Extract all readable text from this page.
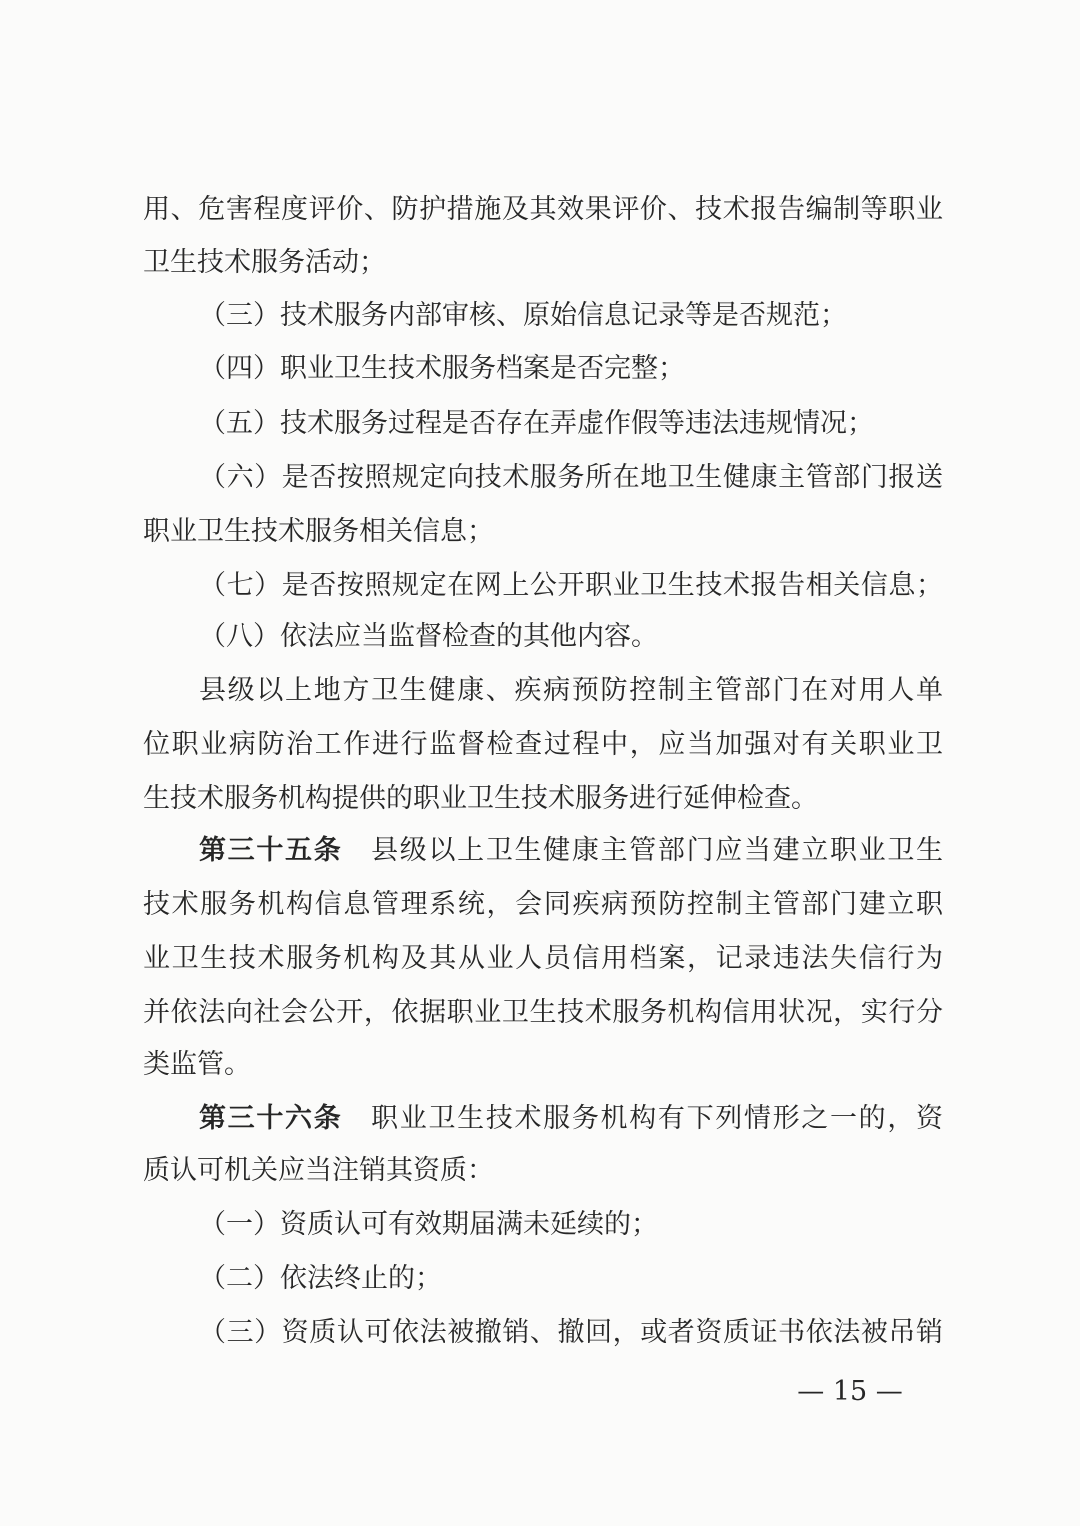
用、危害程度评价、防护措施及其效果评价、技术报告编制等职业
卫生技术服务活动；
（三）技术服务内部审核、原始信息记录等是否规范；
（四）职业卫生技术服务档案是否完整；
（五）技术服务过程是否存在弄虚作假等违法违规情况；
（六）是否按照规定向技术服务所在地卫生健康主管部门报送
职业卫生技术服务相关信息；
（七）是否按照规定在网上公开职业卫生技术报告相关信息；
（八）依法应当监督检查的其他内容。
县级以上地方卫生健康、疾病预防控制主管部门在对用人单
位职业病防治工作进行监督检查过程中，应当加强对有关职业卫
生技术服务机构提供的职业卫生技术服务进行延伸检查。
第三十五条　 县级以上卫生健康主管部门应当建立职业卫生
技术服务机构信息管理系统，会同疾病预防控制主管部门建立职
业卫生技术服务机构及其从业人员信用档案，记录违法失信行为
并依法向社会公开，依据职业卫生技术服务机构信用状况，实行分
类监管。
第三十六条　 职业卫生技术服务机构有下列情形之一的，资
质认可机关应当注销其资质：
（一）资质认可有效期届满未延续的；
（二）依法终止的；
（三）资质认可依法被撤销、撤回，或者资质证书依法被吊销
— 15 —
